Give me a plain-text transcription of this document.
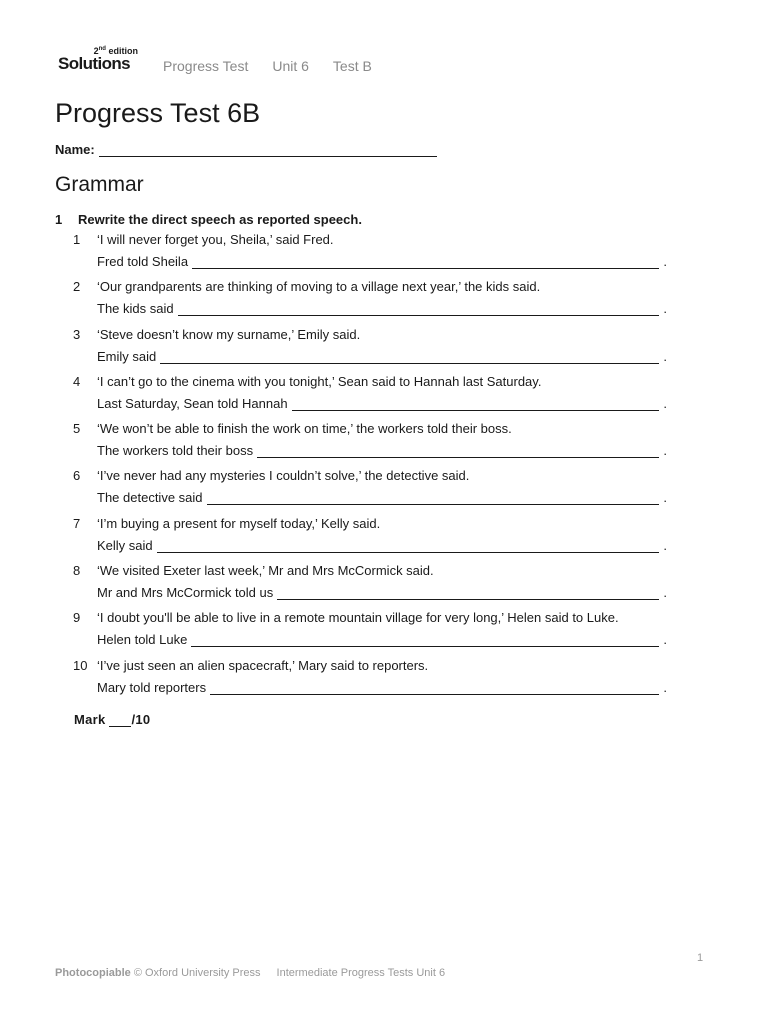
2nd edition
Solutions Progress Test Unit 6 Test B
Progress Test 6B
Name:
Grammar
1 Rewrite the direct speech as reported speech.
1	‘I will never forget you, Sheila,’ said Fred.
Fred told Sheila	.
2	‘Our grandparents are thinking of moving to a village next year,’ the kids said.
The kids said	.
3	‘Steve doesn’t know my surname,’ Emily said.
Emily said	.
4	‘I can’t go to the cinema with you tonight,’ Sean said to Hannah last Saturday.
Last Saturday, Sean told Hannah	.
5	‘We won’t be able to finish the work on time,’ the workers told their boss.
The workers told their boss	.
6	‘I’ve never had any mysteries I couldn’t solve,’ the detective said.
The detective said	.
7	‘I’m buying a present for myself today,’ Kelly said.
Kelly said	.
8	‘We visited Exeter last week,’ Mr and Mrs McCormick said.
Mr and Mrs McCormick told us	.
9	‘I doubt you'll be able to live in a remote mountain village for very long,’ Helen said to Luke.
Helen told Luke	.
10 ‘I’ve just seen an alien spacecraft,’ Mary said to reporters.
Mary told reporters	.
Mark /10
1
Photocopiable © Oxford University Press Intermediate Progress Tests Unit 6
